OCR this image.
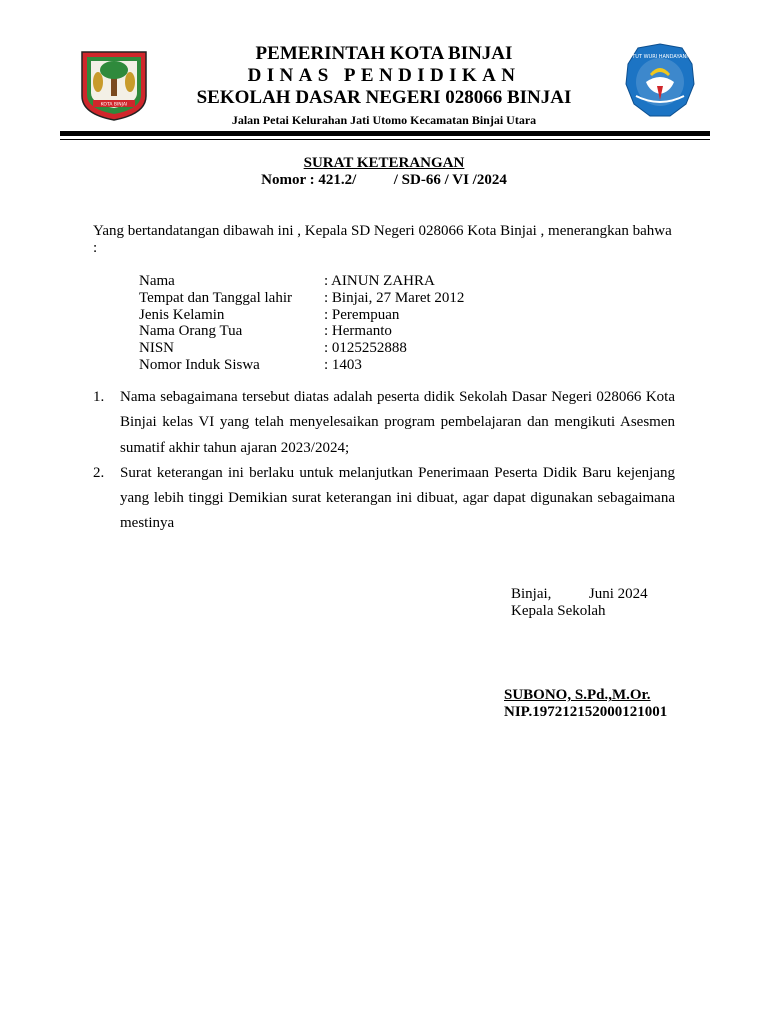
KOTA BINJAI
PEMERINTAH KOTA BINJAI
DINAS PENDIDIKAN
SEKOLAH DASAR NEGERI 028066 BINJAI
Jalan Petai Kelurahan Jati Utomo Kecamatan Binjai Utara
TUT WURI HANDAYANI
SURAT KETERANGAN
Nomor : 421.2/          / SD-66 / VI /2024
Yang bertandatangan dibawah ini , Kepala SD Negeri 028066 Kota Binjai , menerangkan bahwa :
Nama	: AINUN ZAHRA
Tempat dan Tanggal lahir	: Binjai, 27 Maret 2012
Jenis Kelamin	: Perempuan
Nama Orang Tua	: Hermanto
NISN	: 0125252888
Nomor Induk Siswa	: 1403
1.	Nama sebagaimana tersebut diatas adalah peserta didik Sekolah Dasar Negeri 028066 Kota Binjai kelas VI yang telah menyelesaikan program pembelajaran dan mengikuti Asesmen sumatif akhir tahun ajaran 2023/2024;
2.	Surat keterangan ini berlaku untuk melanjutkan Penerimaan Peserta Didik Baru kejenjang yang lebih tinggi Demikian surat keterangan ini dibuat, agar dapat digunakan sebagaimana mestinya
Binjai,          Juni 2024
Kepala Sekolah
SUBONO, S.Pd.,M.Or.
NIP.197212152000121001
